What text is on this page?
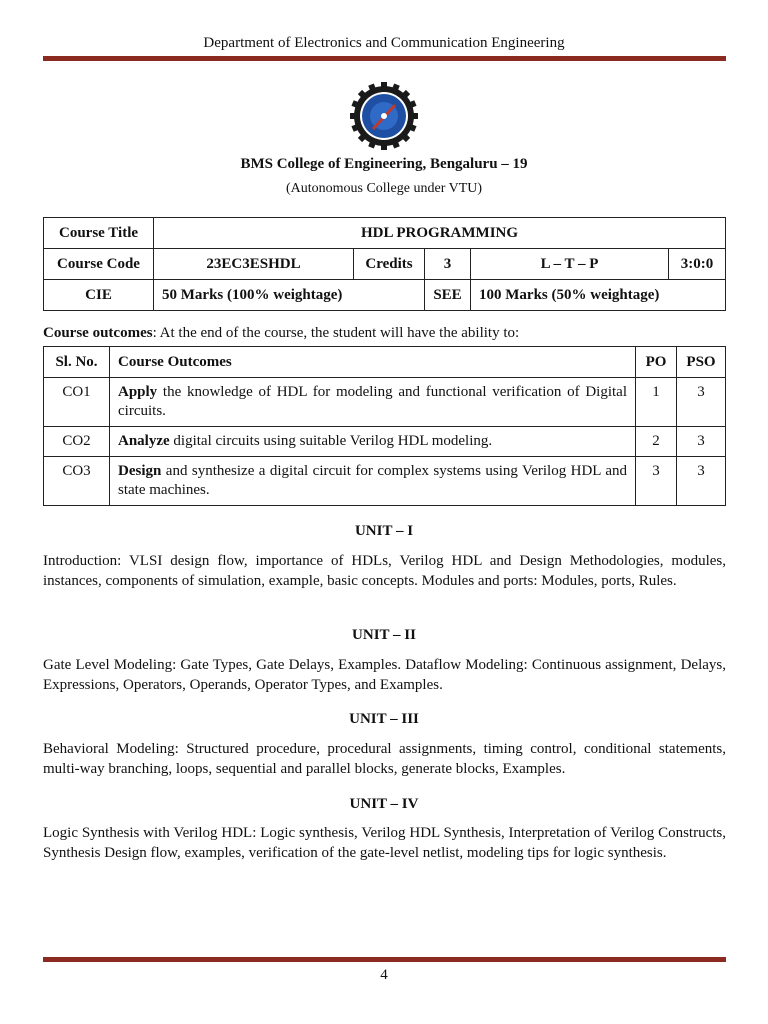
Department of Electronics and Communication Engineering
BMS College of Engineering, Bengaluru – 19
(Autonomous College under VTU)
Course Title	HDL PROGRAMMING				
Course Code	23EC3ESHDL	Credits	3	L – T – P	3:0:0
CIE	50 Marks (100% weightage)		SEE	100 Marks (50% weightage)	
Course outcomes: At the end of the course, the student will have the ability to:
Sl. No.	Course Outcomes	PO	PSO
CO1	Apply the knowledge of HDL for modeling and functional verification of Digital circuits.	1	3
CO2	Analyze digital circuits using suitable Verilog HDL modeling.	2	3
CO3	Design and synthesize a digital circuit for complex systems using Verilog HDL and state machines.	3	3
UNIT – I
Introduction: VLSI design flow, importance of HDLs, Verilog HDL and Design Methodologies, modules, instances, components of simulation, example, basic concepts. Modules and ports: Modules, ports, Rules.
UNIT – II
Gate Level Modeling: Gate Types, Gate Delays, Examples. Dataflow Modeling: Continuous assignment, Delays, Expressions, Operators, Operands, Operator Types, and Examples.
UNIT – III
Behavioral Modeling: Structured procedure, procedural assignments, timing control, conditional statements, multi-way branching, loops, sequential and parallel blocks, generate blocks, Examples.
UNIT – IV
Logic Synthesis with Verilog HDL: Logic synthesis, Verilog HDL Synthesis, Interpretation of Verilog Constructs, Synthesis Design flow, examples, verification of the gate-level netlist, modeling tips for logic synthesis.
4
